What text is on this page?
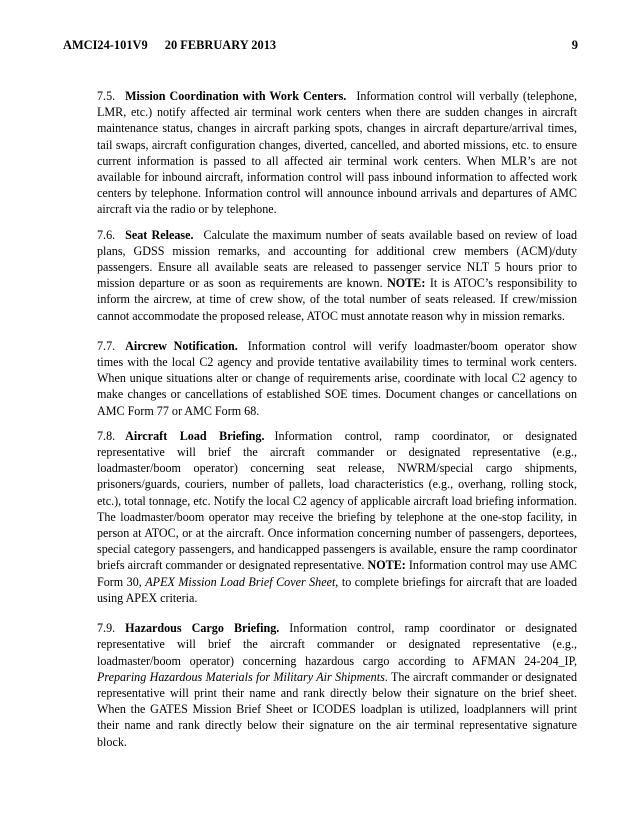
AMCI24-101V9 20 FEBRUARY 2013	9

7.5. Mission Coordination with Work Centers. Information control will verbally (telephone, LMR, etc.) notify affected air terminal work centers when there are sudden changes in aircraft maintenance status, changes in aircraft parking spots, changes in aircraft departure/arrival times, tail swaps, aircraft configuration changes, diverted, cancelled, and aborted missions, etc. to ensure current information is passed to all affected air terminal work centers. When MLR’s are not available for inbound aircraft, information control will pass inbound information to affected work centers by telephone. Information control will announce inbound arrivals and departures of AMC aircraft via the radio or by telephone.

7.6. Seat Release. Calculate the maximum number of seats available based on review of load plans, GDSS mission remarks, and accounting for additional crew members (ACM)/duty passengers. Ensure all available seats are released to passenger service NLT 5 hours prior to mission departure or as soon as requirements are known. NOTE: It is ATOC’s responsibility to inform the aircrew, at time of crew show, of the total number of seats released. If crew/mission cannot accommodate the proposed release, ATOC must annotate reason why in mission remarks.

7.7. Aircrew Notification. Information control will verify loadmaster/boom operator show times with the local C2 agency and provide tentative availability times to terminal work centers. When unique situations alter or change of requirements arise, coordinate with local C2 agency to make changes or cancellations of established SOE times. Document changes or cancellations on AMC Form 77 or AMC Form 68.

7.8. Aircraft Load Briefing. Information control, ramp coordinator, or designated representative will brief the aircraft commander or designated representative (e.g., loadmaster/boom operator) concerning seat release, NWRM/special cargo shipments, prisoners/guards, couriers, number of pallets, load characteristics (e.g., overhang, rolling stock, etc.), total tonnage, etc. Notify the local C2 agency of applicable aircraft load briefing information. The loadmaster/boom operator may receive the briefing by telephone at the one-stop facility, in person at ATOC, or at the aircraft. Once information concerning number of passengers, deportees, special category passengers, and handicapped passengers is available, ensure the ramp coordinator briefs aircraft commander or designated representative. NOTE: Information control may use AMC Form 30, APEX Mission Load Brief Cover Sheet, to complete briefings for aircraft that are loaded using APEX criteria.

7.9. Hazardous Cargo Briefing. Information control, ramp coordinator or designated representative will brief the aircraft commander or designated representative (e.g., loadmaster/boom operator) concerning hazardous cargo according to AFMAN 24-204_IP, Preparing Hazardous Materials for Military Air Shipments. The aircraft commander or designated representative will print their name and rank directly below their signature on the brief sheet. When the GATES Mission Brief Sheet or ICODES loadplan is utilized, loadplanners will print their name and rank directly below their signature on the air terminal representative signature block.
